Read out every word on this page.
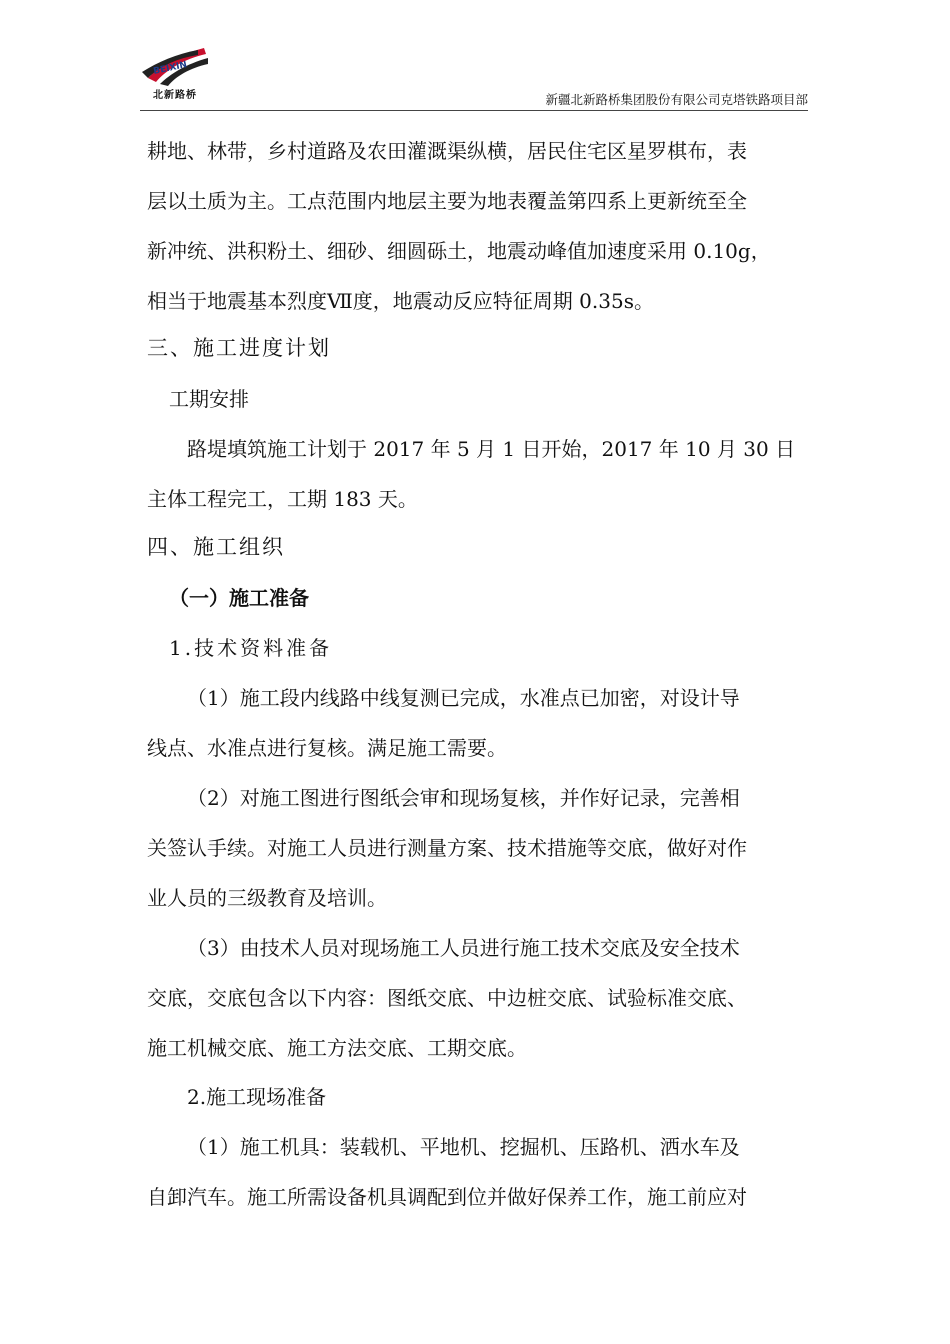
BEIXIN
北新路桥	新疆北新路桥集团股份有限公司克塔铁路项目部
耕地、林带，乡村道路及农田灌溉渠纵横，居民住宅区星罗棋布，表
层以土质为主。工点范围内地层主要为地表覆盖第四系上更新统至全
新冲统、洪积粉土、细砂、细圆砾土，地震动峰值加速度采用 0.10g，
相当于地震基本烈度Ⅶ度，地震动反应特征周期 0.35s。
三、施工进度计划
工期安排
路堤填筑施工计划于 2017 年 5 月 1 日开始，2017 年 10 月 30 日
主体工程完工，工期 183 天。
四、施工组织
（一）施工准备
1.技术资料准备
（1）施工段内线路中线复测已完成，水准点已加密，对设计导
线点、水准点进行复核。满足施工需要。
（2）对施工图进行图纸会审和现场复核，并作好记录，完善相
关签认手续。对施工人员进行测量方案、技术措施等交底，做好对作
业人员的三级教育及培训。
（3）由技术人员对现场施工人员进行施工技术交底及安全技术
交底，交底包含以下内容：图纸交底、中边桩交底、试验标准交底、
施工机械交底、施工方法交底、工期交底。
2.施工现场准备
（1）施工机具：装载机、平地机、挖掘机、压路机、洒水车及
自卸汽车。施工所需设备机具调配到位并做好保养工作，施工前应对
